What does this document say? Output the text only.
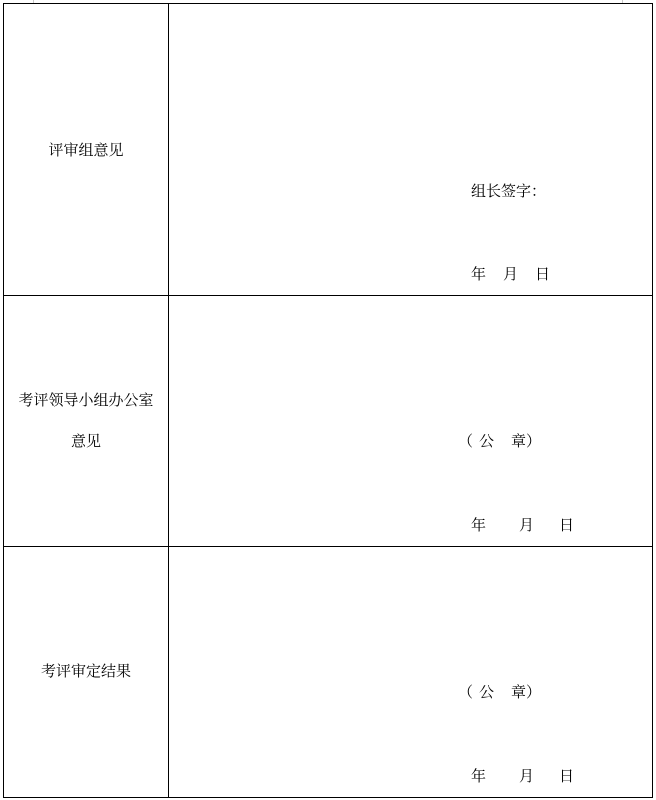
评审组意见
组长签字：
年 月 日
考评领导小组办公室
意见	（ 公 章 ）
年 月 日
考评审定结果
（ 公 章 ）
年 月 日
